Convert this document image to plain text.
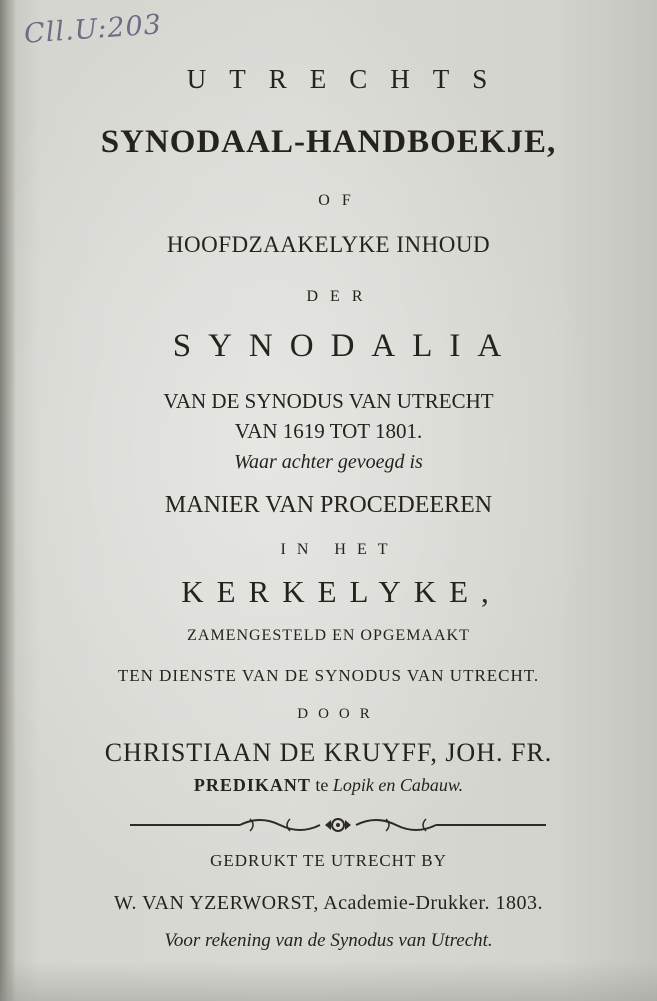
Cll.U:203
UTRECHTS
SYNODAAL-HANDBOEKJE,
OF
HOOFDZAAKELYKE INHOUD
DER
SYNODALIA
VAN DE SYNODUS VAN UTRECHT
VAN 1619 TOT 1801.
Waar achter gevoegd is
MANIER VAN PROCEDEEREN
IN HET
KERKELYKE,
ZAMENGESTELD EN OPGEMAAKT
TEN DIENSTE VAN DE SYNODUS VAN UTRECHT.
DOOR
CHRISTIAAN DE KRUYFF, JOH. FR.
PREDIKANT te Lopik en Cabauw.
GEDRUKT TE UTRECHT BY
W. VAN YZERWORST, Academie-Drukker. 1803.
Voor rekening van de Synodus van Utrecht.
